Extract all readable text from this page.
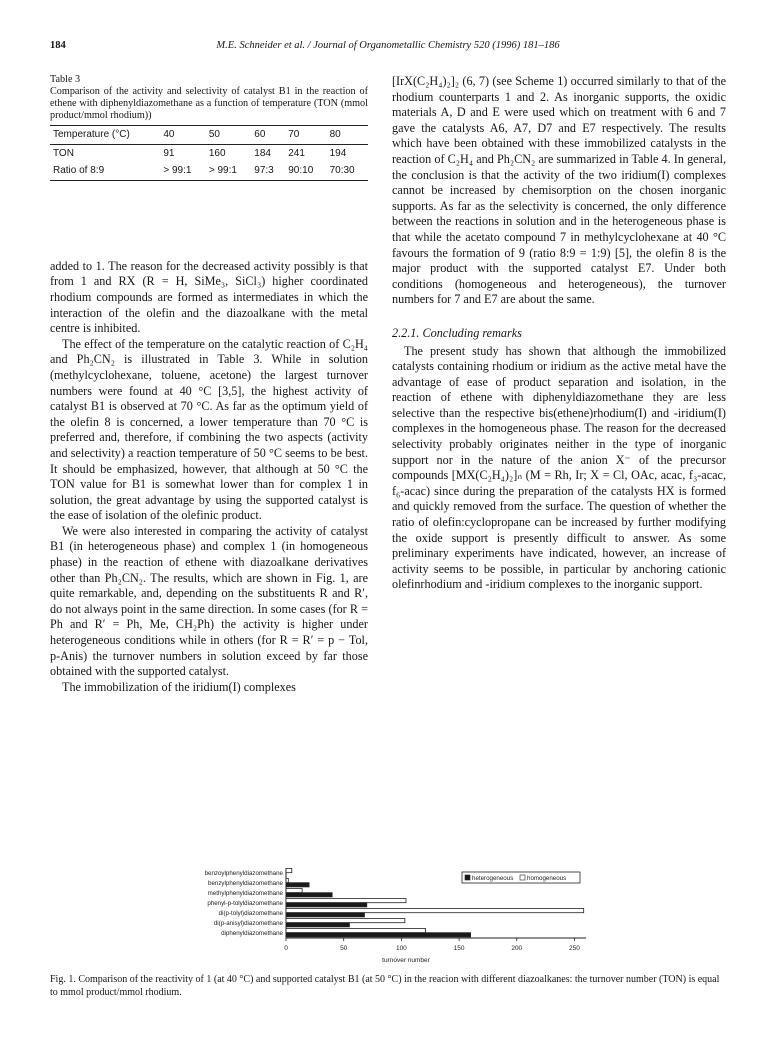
184	M.E. Schneider et al. / Journal of Organometallic Chemistry 520 (1996) 181–186
Table 3
Comparison of the activity and selectivity of catalyst B1 in the reaction of ethene with diphenyldiazomethane as a function of temperature (TON (mmol product/mmol rhodium))
Temperature (°C)	40	50	60	70	80
TON	91	160	184	241	194
Ratio of 8:9	> 99:1	> 99:1	97:3	90:10	70:30

added to 1. The reason for the decreased activity possibly is that from 1 and RX (R = H, SiMe₃, SiCl₃) higher coordinated rhodium compounds are formed as intermediates in which the interaction of the olefin and the diazoalkane with the metal centre is inhibited.

The effect of the temperature on the catalytic reaction of C₂H₄ and Ph₂CN₂ is illustrated in Table 3. While in solution (methylcyclohexane, toluene, acetone) the largest turnover numbers were found at 40 °C [3,5], the highest activity of catalyst B1 is observed at 70 °C. As far as the optimum yield of the olefin 8 is concerned, a lower temperature than 70 °C is preferred and, therefore, if combining the two aspects (activity and selectivity) a reaction temperature of 50 °C seems to be best. It should be emphasized, however, that although at 50 °C the TON value for B1 is somewhat lower than for complex 1 in solution, the great advantage by using the supported catalyst is the ease of isolation of the olefinic product.

We were also interested in comparing the activity of catalyst B1 (in heterogeneous phase) and complex 1 (in homogeneous phase) in the reaction of ethene with diazoalkane derivatives other than Ph₂CN₂. The results, which are shown in Fig. 1, are quite remarkable, and, depending on the substituents R and R′, do not always point in the same direction. In some cases (for R = Ph and R′ = Ph, Me, CH₂Ph) the activity is higher under heterogeneous conditions while in others (for R = R′ = p − Tol, p-Anis) the turnover numbers in solution exceed by far those obtained with the supported catalyst.

The immobilization of the iridium(I) complexes

[IrX(C₂H₄)₂]₂ (6, 7) (see Scheme 1) occurred similarly to that of the rhodium counterparts 1 and 2. As inorganic supports, the oxidic materials A, D and E were used which on treatment with 6 and 7 gave the catalysts A6, A7, D7 and E7 respectively. The results which have been obtained with these immobilized catalysts in the reaction of C₂H₄ and Ph₂CN₂ are summarized in Table 4. In general, the conclusion is that the activity of the two iridium(I) complexes cannot be increased by chemisorption on the chosen inorganic supports. As far as the selectivity is concerned, the only difference between the reactions in solution and in the heterogeneous phase is that while the acetato compound 7 in methylcyclohexane at 40 °C favours the formation of 9 (ratio 8:9 = 1:9) [5], the olefin 8 is the major product with the supported catalyst E7. Under both conditions (homogeneous and heterogeneous), the turnover numbers for 7 and E7 are about the same.

2.2.1. Concluding remarks

The present study has shown that although the immobilized catalysts containing rhodium or iridium as the active metal have the advantage of ease of product separation and isolation, in the reaction of ethene with diphenyldiazomethane they are less selective than the respective bis(ethene)rhodium(I) and -iridium(I) complexes in the homogeneous phase. The reason for the decreased selectivity probably originates neither in the type of inorganic support nor in the nature of the anion X⁻ of the precursor compounds [MX(C₂H₄)₂]ₙ (M = Rh, Ir; X = Cl, OAc, acac, f₃-acac, f₆-acac) since during the preparation of the catalysts HX is formed and quickly removed from the surface. The question of whether the ratio of olefin:cyclopropane can be increased by further modifying the oxide support is presently difficult to answer. As some preliminary experiments have indicated, however, an increase of activity seems to be possible, in particular by anchoring cationic olefinrhodium and -iridium complexes to the inorganic support.

benzoylphenyldiazomethane
benzylphenyldiazomethane
methylphenyldiazomethane
phenyl-p-tolyldiazomethane
di(p-tolyl)diazomethane
di(p-anisyl)diazomethane
diphenyldiazomethane
0	50	100	150	200	250
turnover number
heterogeneous homogeneous
Fig. 1. Comparison of the reactivity of 1 (at 40 °C) and supported catalyst B1 (at 50 °C) in the reacion with different diazoalkanes: the turnover number (TON) is equal to mmol product/mmol rhodium.
